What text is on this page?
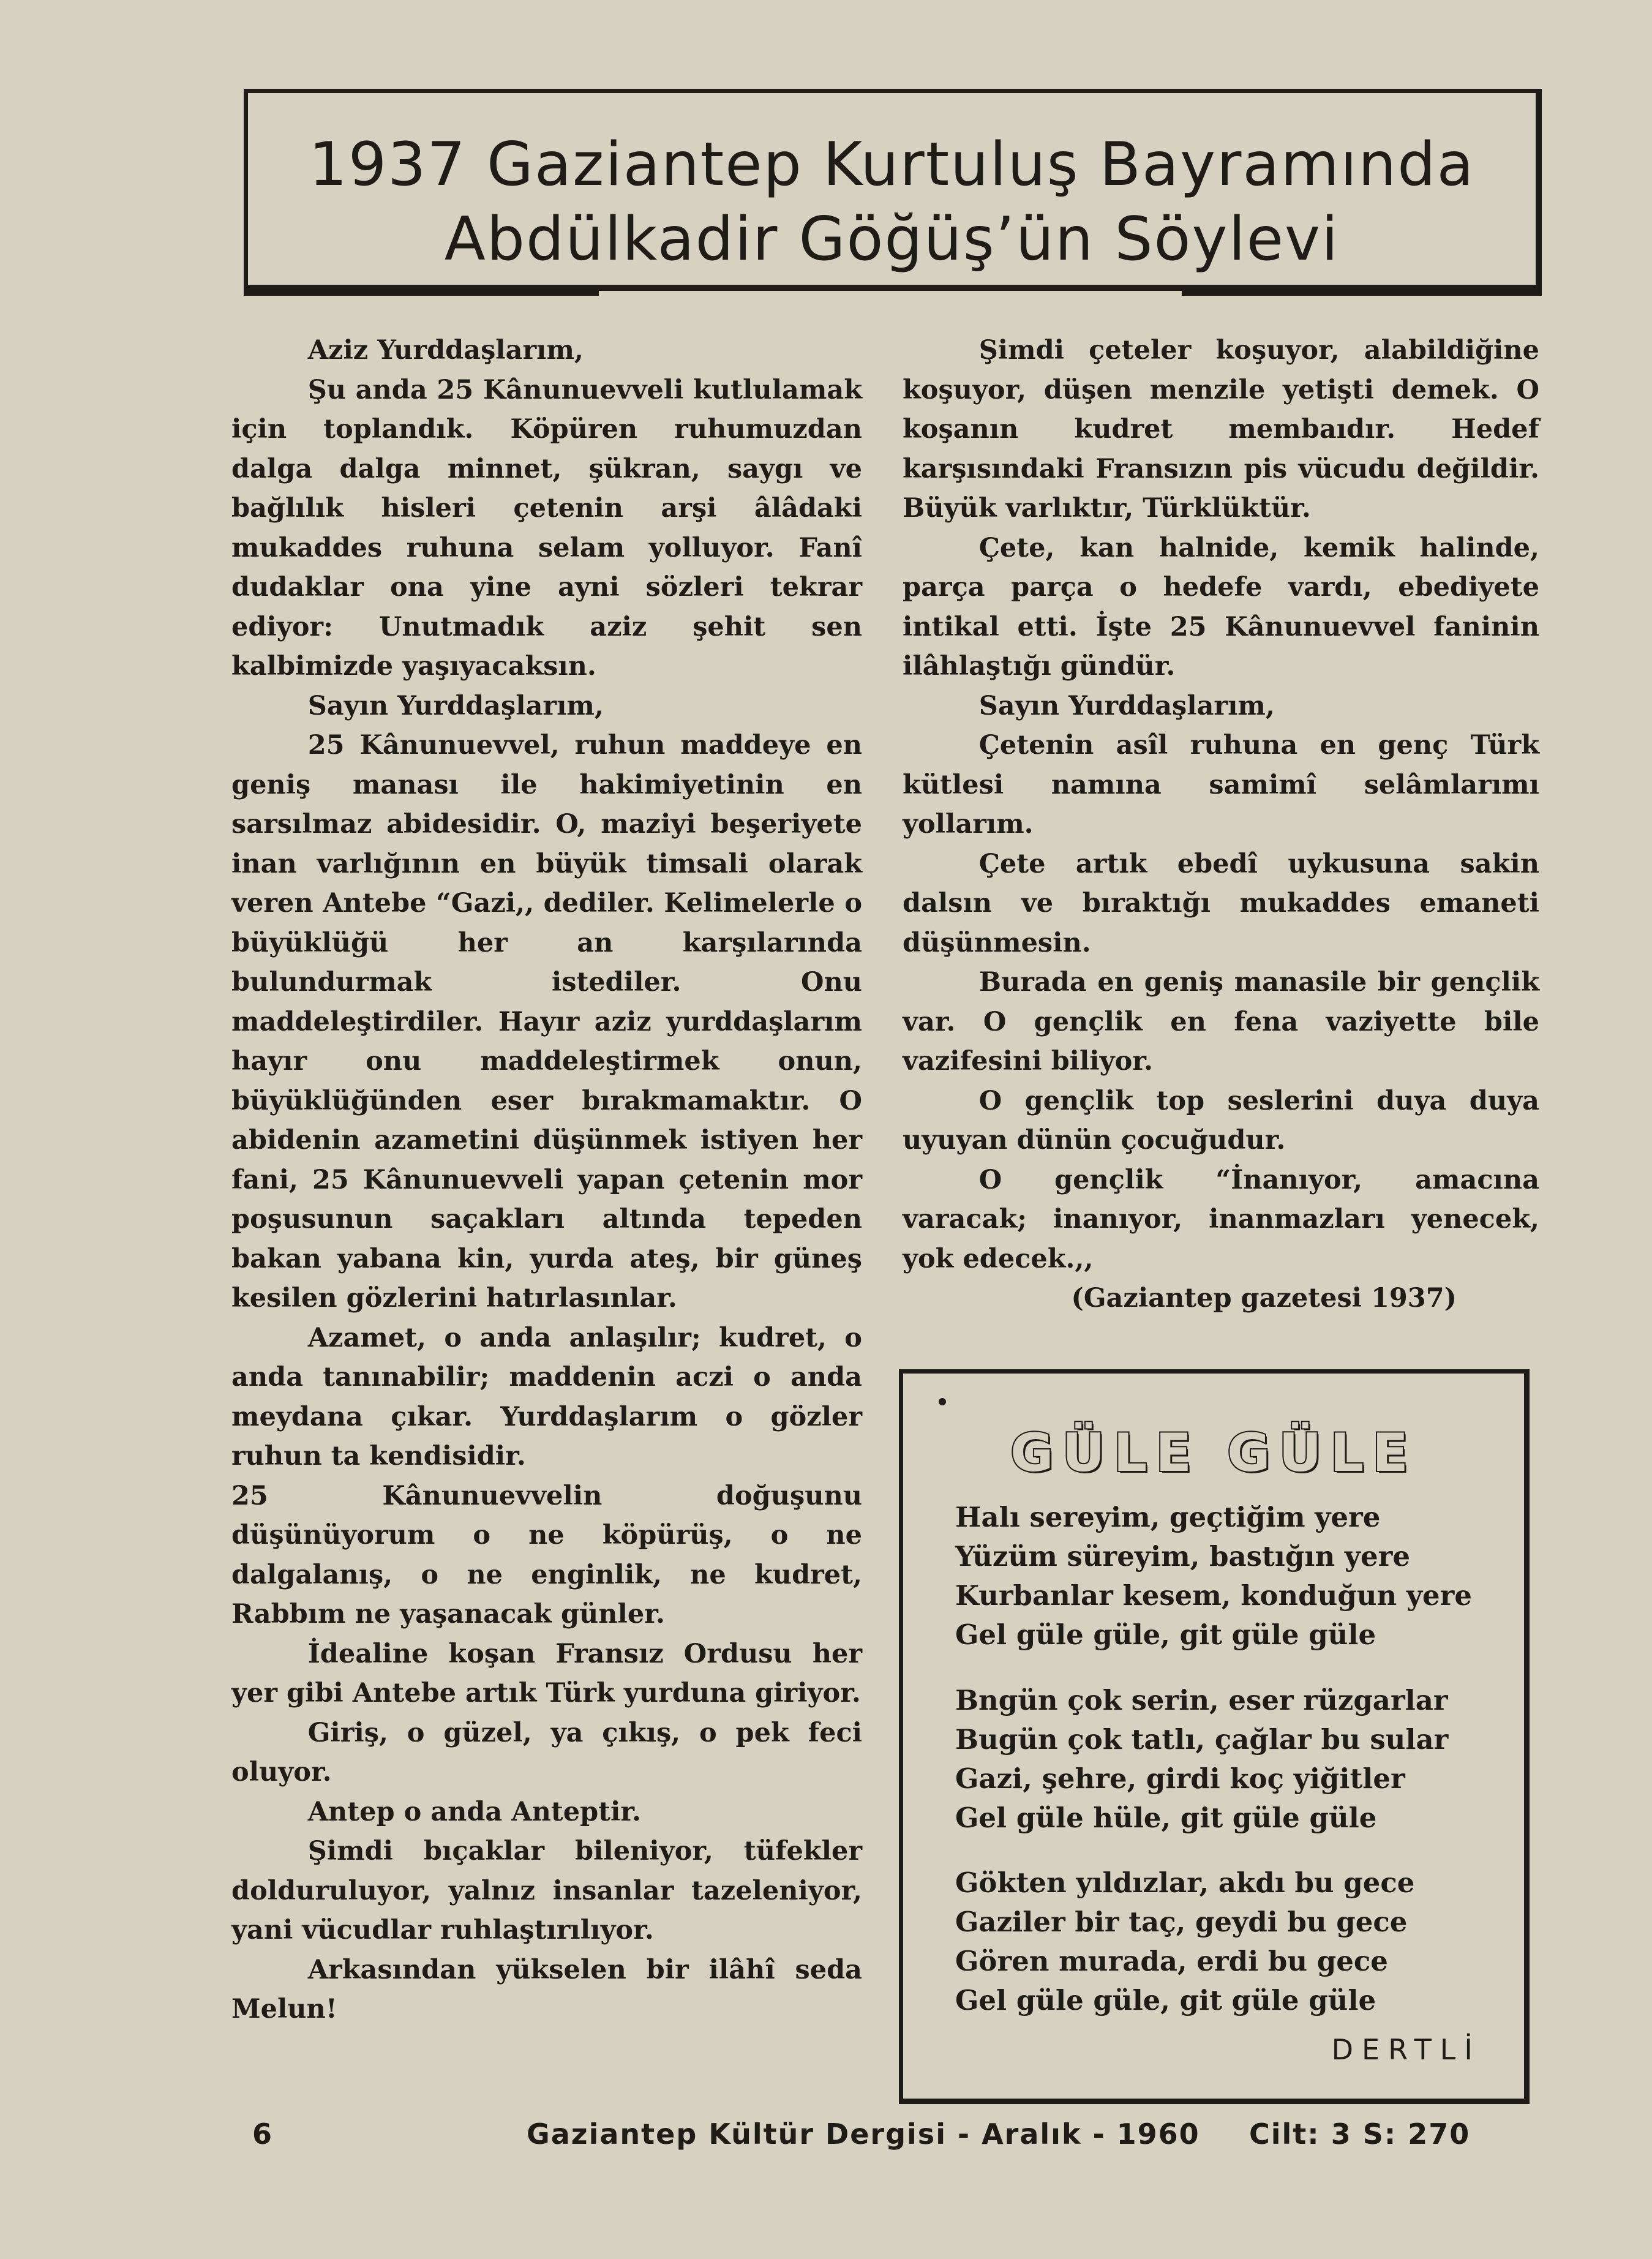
1937 Gaziantep Kurtuluş Bayramında
Abdülkadir Göğüş’ün Söylevi

Aziz Yurddaşlarım,

Şu anda 25 Kânunuevveli kutlulamak için toplandık. Köpüren ruhumuzdan dalga dalga minnet, şükran, saygı ve bağlılık hisleri çetenin arşi âlâdaki mukaddes ruhuna selam yolluyor. Fanî dudaklar ona yine ayni sözleri tekrar ediyor: Unutmadık aziz şehit sen kalbimizde yaşıyacaksın.

Sayın Yurddaşlarım,

25 Kânunuevvel, ruhun maddeye en geniş manası ile hakimiyetinin en sarsılmaz abidesidir. O, maziyi beşeriyete inan varlığının en büyük timsali olarak veren Antebe “Gazi,, dediler. Kelimelerle o büyüklüğü her an karşılarında bulundurmak istediler. Onu maddeleştirdiler. Hayır aziz yurddaşlarım hayır onu maddeleştirmek onun, büyüklüğünden eser bırakmamaktır. O abidenin azametini düşünmek istiyen her fani, 25 Kânunuevveli yapan çetenin mor poşusunun saçakları altında tepeden bakan yabana kin, yurda ateş, bir güneş kesilen gözlerini hatırlasınlar.

Azamet, o anda anlaşılır; kudret, o anda tanınabilir; maddenin aczi o anda meydana çıkar. Yurddaşlarım o gözler ruhun ta kendisidir.

25 Kânunuevvelin doğuşunu düşünüyorum o ne köpürüş, o ne dalgalanış, o ne enginlik, ne kudret, Rabbım ne yaşanacak günler.

İdealine koşan Fransız Ordusu her yer gibi Antebe artık Türk yurduna giriyor.

Giriş, o güzel, ya çıkış, o pek feci oluyor.

Antep o anda Anteptir.

Şimdi bıçaklar bileniyor, tüfekler dolduruluyor, yalnız insanlar tazeleniyor, yani vücudlar ruhlaştırılıyor.

Arkasından yükselen bir ilâhî seda Melun!

Şimdi çeteler koşuyor, alabildiğine koşuyor, düşen menzile yetişti demek. O koşanın kudret membaıdır. Hedef karşısındaki Fransızın pis vücudu değildir. Büyük varlıktır, Türklüktür.

Çete, kan halnide, kemik halinde, parça parça o hedefe vardı, ebediyete intikal etti. İşte 25 Kânunuevvel faninin ilâhlaştığı gündür.

Sayın Yurddaşlarım,

Çetenin asîl ruhuna en genç Türk kütlesi namına samimî selâmlarımı yollarım.

Çete artık ebedî uykusuna sakin dalsın ve bıraktığı mukaddes emaneti düşünmesin.

Burada en geniş manasile bir gençlik var. O gençlik en fena vaziyette bile vazifesini biliyor.

O gençlik top seslerini duya duya uyuyan dünün çocuğudur.

O gençlik “İnanıyor, amacına varacak; inanıyor, inanmazları yenecek, yok edecek.,,

(Gaziantep gazetesi 1937)

GÜLE GÜLE
Halı sereyim, geçtiğim yere
Yüzüm süreyim, bastığın yere
Kurbanlar kesem, konduğun yere
Gel güle güle, git güle güle
Bngün çok serin, eser rüzgarlar
Bugün çok tatlı, çağlar bu sular
Gazi, şehre, girdi koç yiğitler
Gel güle hüle, git güle güle
Gökten yıldızlar, akdı bu gece
Gaziler bir taç, geydi bu gece
Gören murada, erdi bu gece
Gel güle güle, git güle güle
DERTLİ
6	Gaziantep Kültür Dergisi - Aralık - 1960 Cilt: 3 S: 270
